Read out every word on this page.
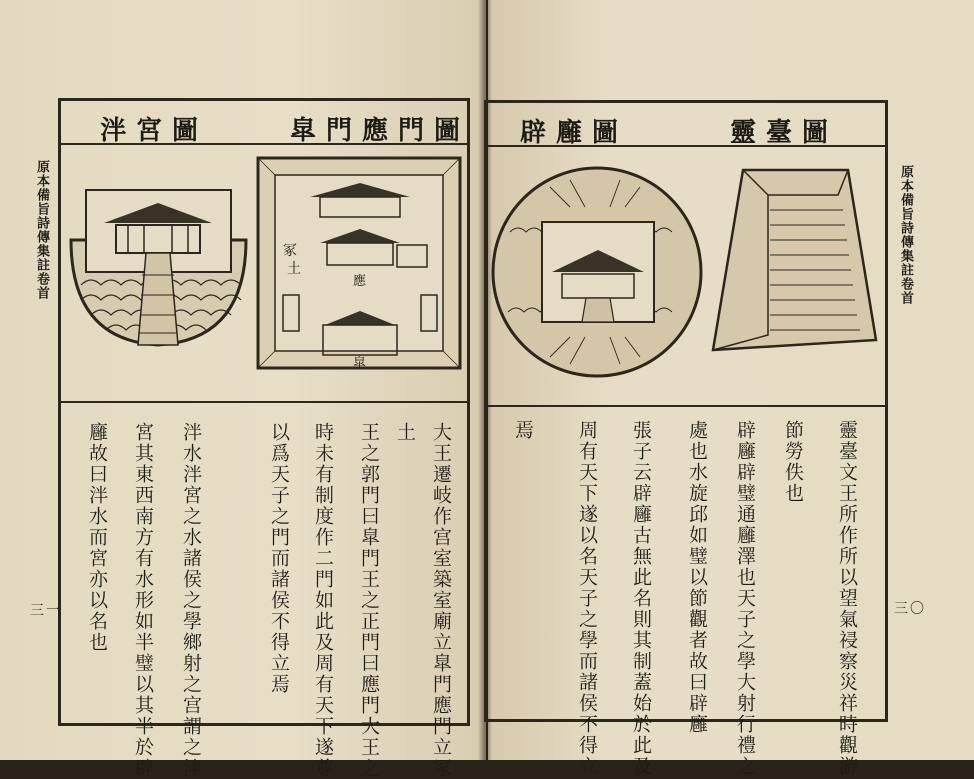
原本備旨詩傳集註卷首
三一
泮宮圖	皐門應門圖
冢
土
應
皐
大王遷岐作宫室築室廟立皐門應門立冢
土
王之郭門曰皐門王之正門曰應門大王之
時未有制度作二門如此及周有天下遂尊
以爲天子之門而諸侯不得立焉
泮水泮宮之水諸侯之學鄉射之宫謂之泮
宮其東西南方有水形如半璧以其半於辟
廱故曰泮水而宮亦以名也
原本備旨詩傳集註卷首
三〇
辟廱圖	靈臺圖
靈臺文王所作所以望氣祲察災祥時觀游
節勞佚也
辟廱辟璧通廱澤也天子之學大射行禮之
處也水旋邱如璧以節觀者故曰辟廱
張子云辟廱古無此名則其制蓋始於此及
周有天下遂以名天子之學而諸侯不得立
焉
